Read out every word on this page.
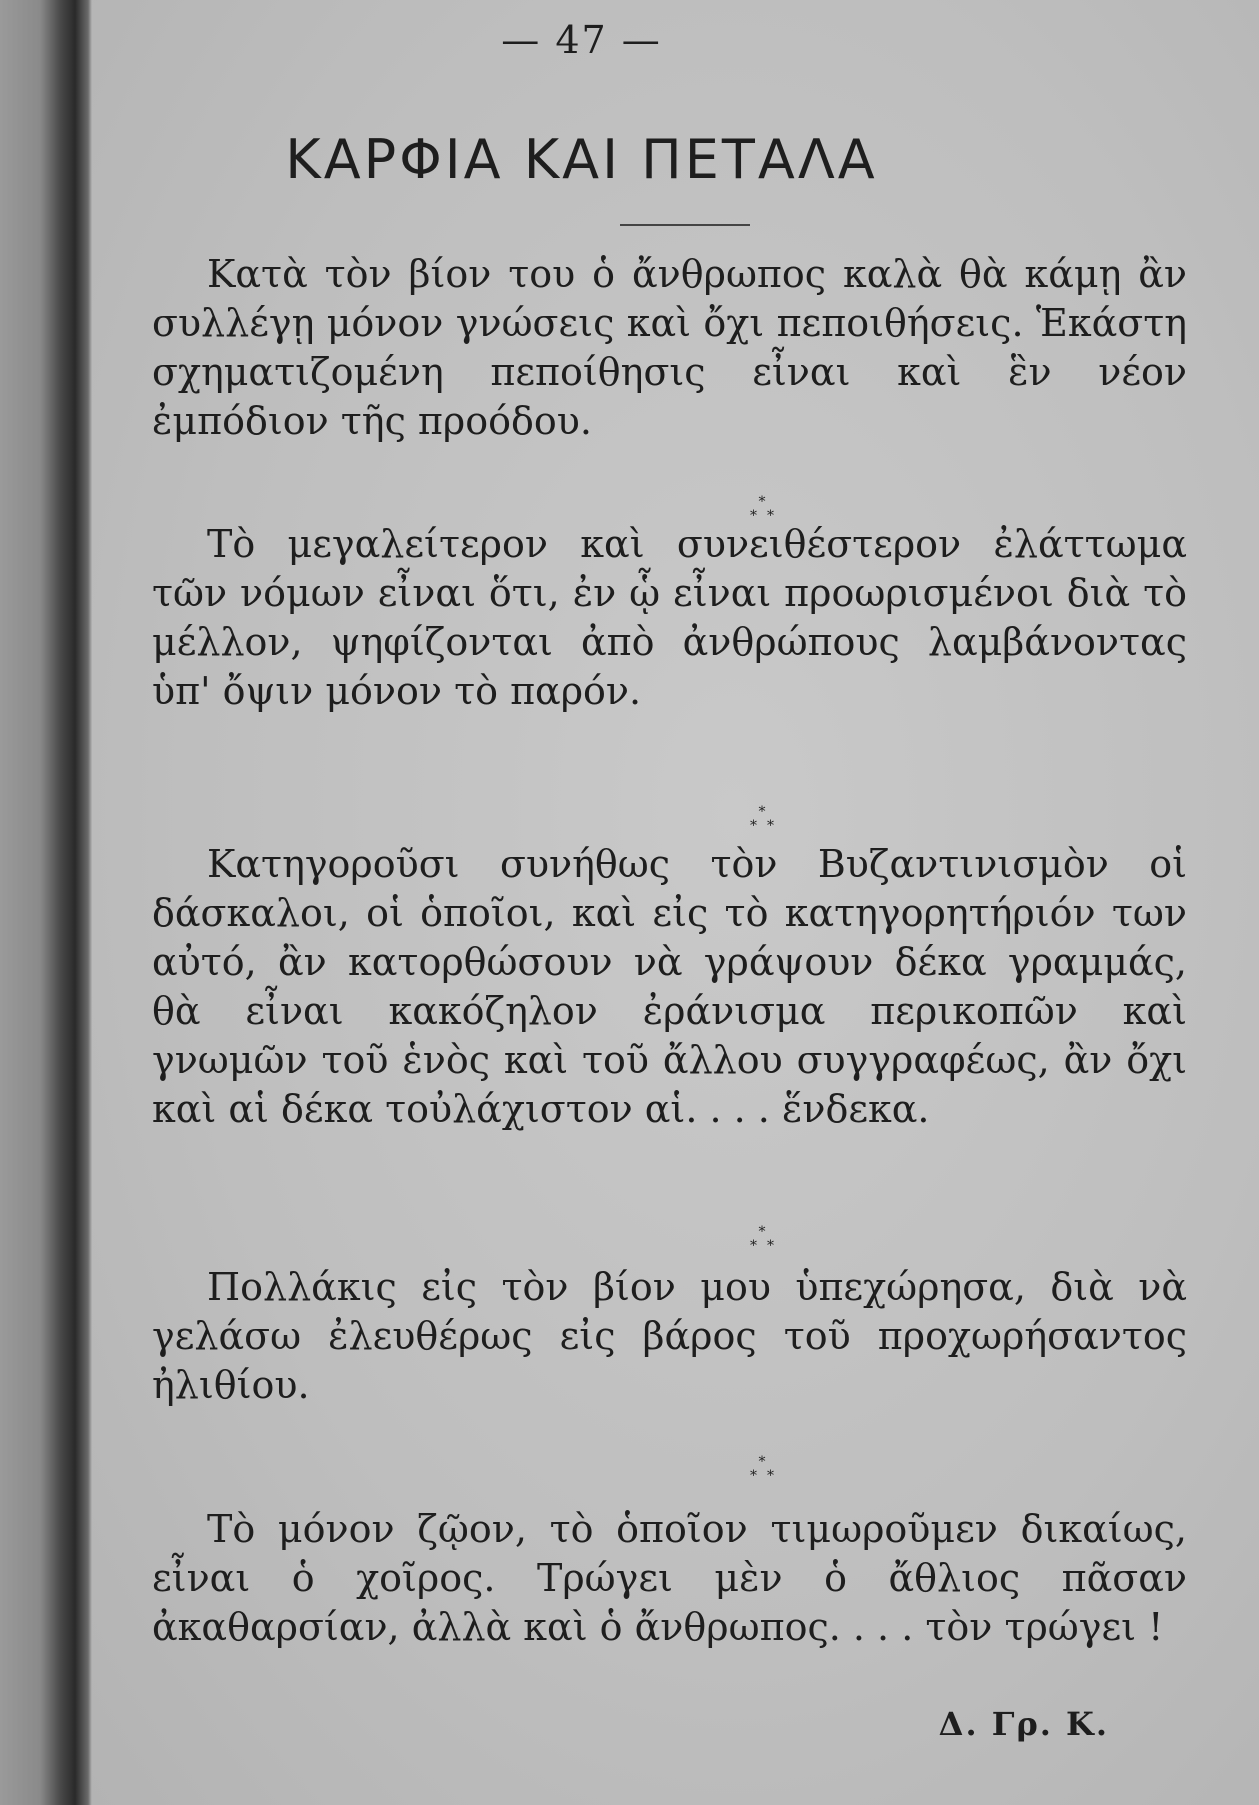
— 47 —
ΚΑΡΦΙΑ ΚΑΙ ΠΕΤΑΛΑ
Κατὰ τὸν βίον του ὁ ἄνθρωπος καλὰ θὰ κάμῃ ἂν συλλέγῃ μόνον γνώσεις καὶ ὄχι πεποιθήσεις. Ἑκάστη σχηματιζομένη πεποίθησις εἶναι καὶ ἓν νέον ἐμπόδιον τῆς προόδου.
*
**
Τὸ μεγαλείτερον καὶ συνειθέστερον ἐλάττωμα τῶν νόμων εἶναι ὅτι, ἐν ᾧ εἶναι προωρισμένοι διὰ τὸ μέλλον, ψηφίζονται ἀπὸ ἀνθρώπους λαμβάνοντας ὑπ' ὄψιν μόνον τὸ παρόν.
*
**
Κατηγοροῦσι συνήθως τὸν Βυζαντινισμὸν οἱ δάσκαλοι, οἱ ὁποῖοι, καὶ εἰς τὸ κατηγορητήριόν των αὐτό, ἂν κατορθώσουν νὰ γράψουν δέκα γραμμάς, θὰ εἶναι κακόζηλον ἐράνισμα περικοπῶν καὶ γνωμῶν τοῦ ἑνὸς καὶ τοῦ ἄλλου συγγραφέως, ἂν ὄχι καὶ αἱ δέκα τοὐλάχιστον αἱ. . . . ἕνδεκα.
*
**
Πολλάκις εἰς τὸν βίον μου ὑπεχώρησα, διὰ νὰ γελάσω ἐλευθέρως εἰς βάρος τοῦ προχωρήσαντος ἠλιθίου.
*
**
Τὸ μόνον ζῷον, τὸ ὁποῖον τιμωροῦμεν δικαίως, εἶναι ὁ χοῖρος. Τρώγει μὲν ὁ ἄθλιος πᾶσαν ἀκαθαρσίαν, ἀλλὰ καὶ ὁ ἄνθρωπος. . . . τὸν τρώγει !
Δ. Γρ. Κ.
